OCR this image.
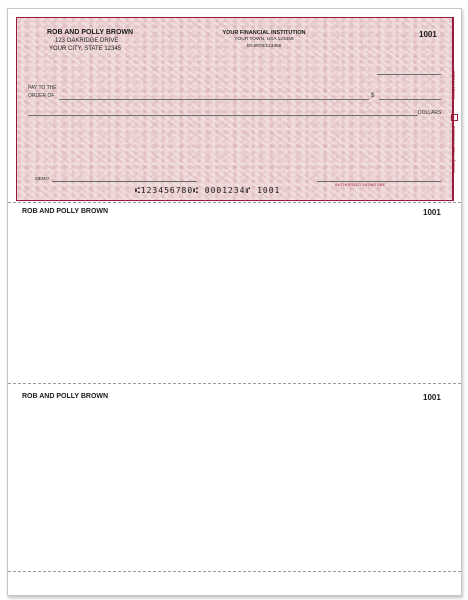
ROB AND POLLY BROWN
123 OAKRIDGE DRIVE
YOUR CITY, STATE 12345
YOUR FINANCIAL INSTITUTION
YOUR TOWN, USA 123456
10-5678/123456
1001
PAY TO THE
ORDER OF	$
DOLLARS
MEMO
AUTHORIZED SIGNATURE
⑆123456780⑆ 0001234⑈ 1001
Details on Back.
Security Features Included
ROB AND POLLY BROWN	1001
ROB AND POLLY BROWN	1001
